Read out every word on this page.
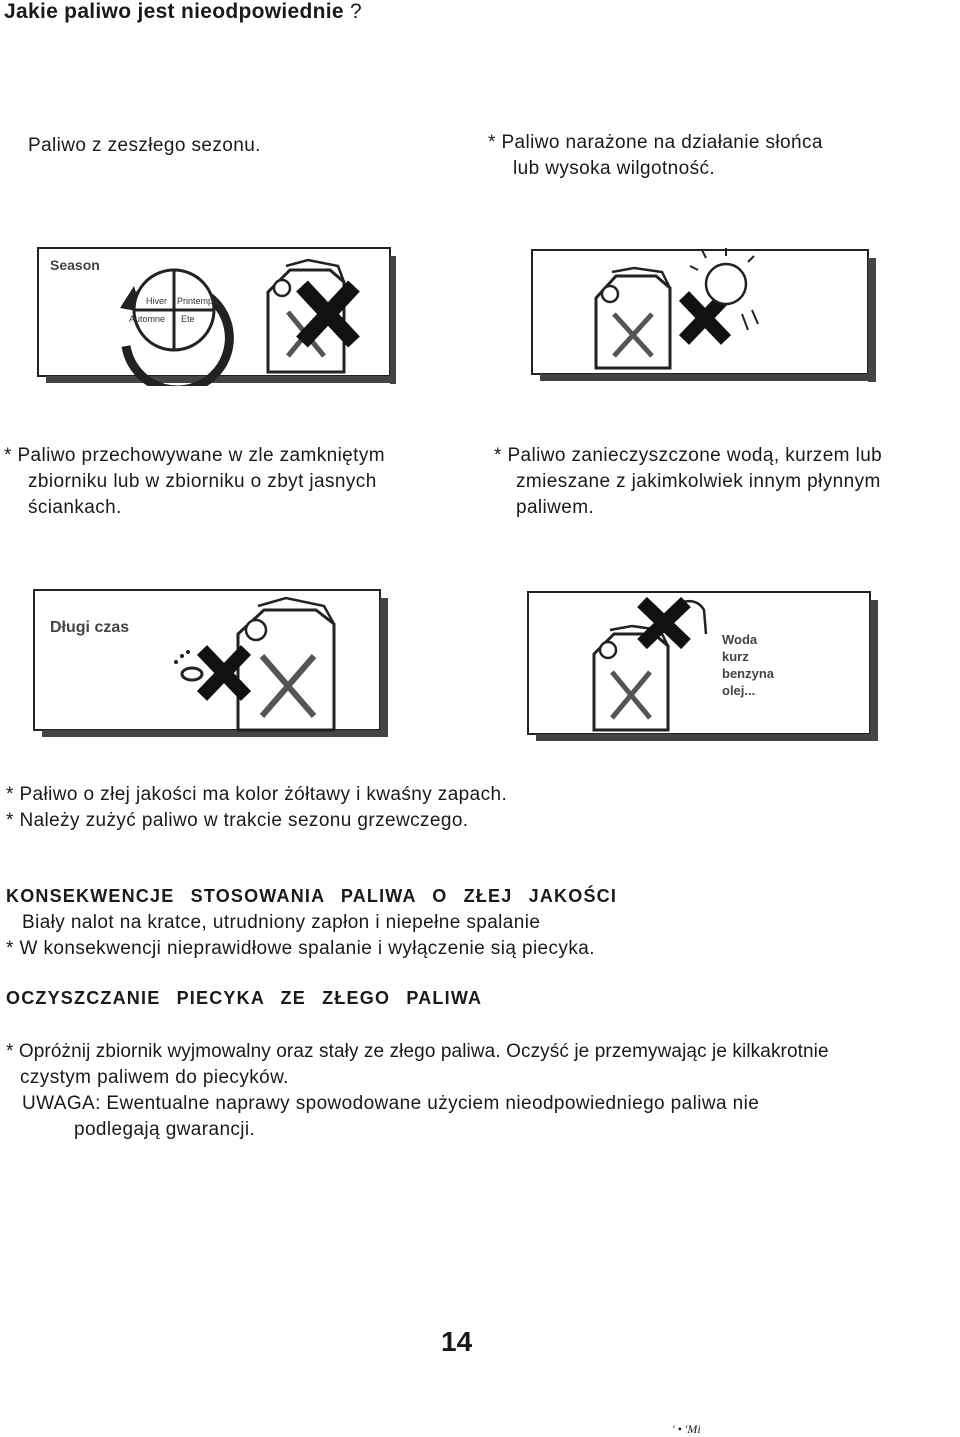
Jakie paliwo jest nieodpowiednie ?
Paliwo z zeszłego sezonu.	* Paliwo narażone na działanie słońca
lub wysoka wilgotność.
Season
Hiver Printemps
Automne Ete
* Paliwo przechowywane w zle zamkniętym
zbiorniku lub w zbiorniku o zbyt jasnych
ściankach.
* Paliwo zanieczyszczone wodą, kurzem lub
zmieszane z jakimkolwiek innym płynnym
paliwem.
Długi czas
Woda
kurz
benzyna
olej...
* Pałiwo o złej jakości ma kolor żółtawy i kwaśny zapach.
* Należy zużyć paliwo w trakcie sezonu grzewczego.
KONSEKWENCJE STOSOWANIA PALIWA O ZŁEJ JAKOŚCI
Biały nalot na kratce, utrudniony zapłon i niepełne spalanie
* W konsekwencji nieprawidłowe spalanie i wyłączenie sią piecyka.
OCZYSZCZANIE PIECYKA ZE ZŁEGO PALIWA
* Opróżnij zbiornik wyjmowalny oraz stały ze złego paliwa. Oczyść je przemywając je kilkakrotnie
czystym paliwem do piecyków.
UWAGA: Ewentualne naprawy spowodowane użyciem nieodpowiedniego paliwa nie
podlegają gwarancji.
14
' • 'Mi
